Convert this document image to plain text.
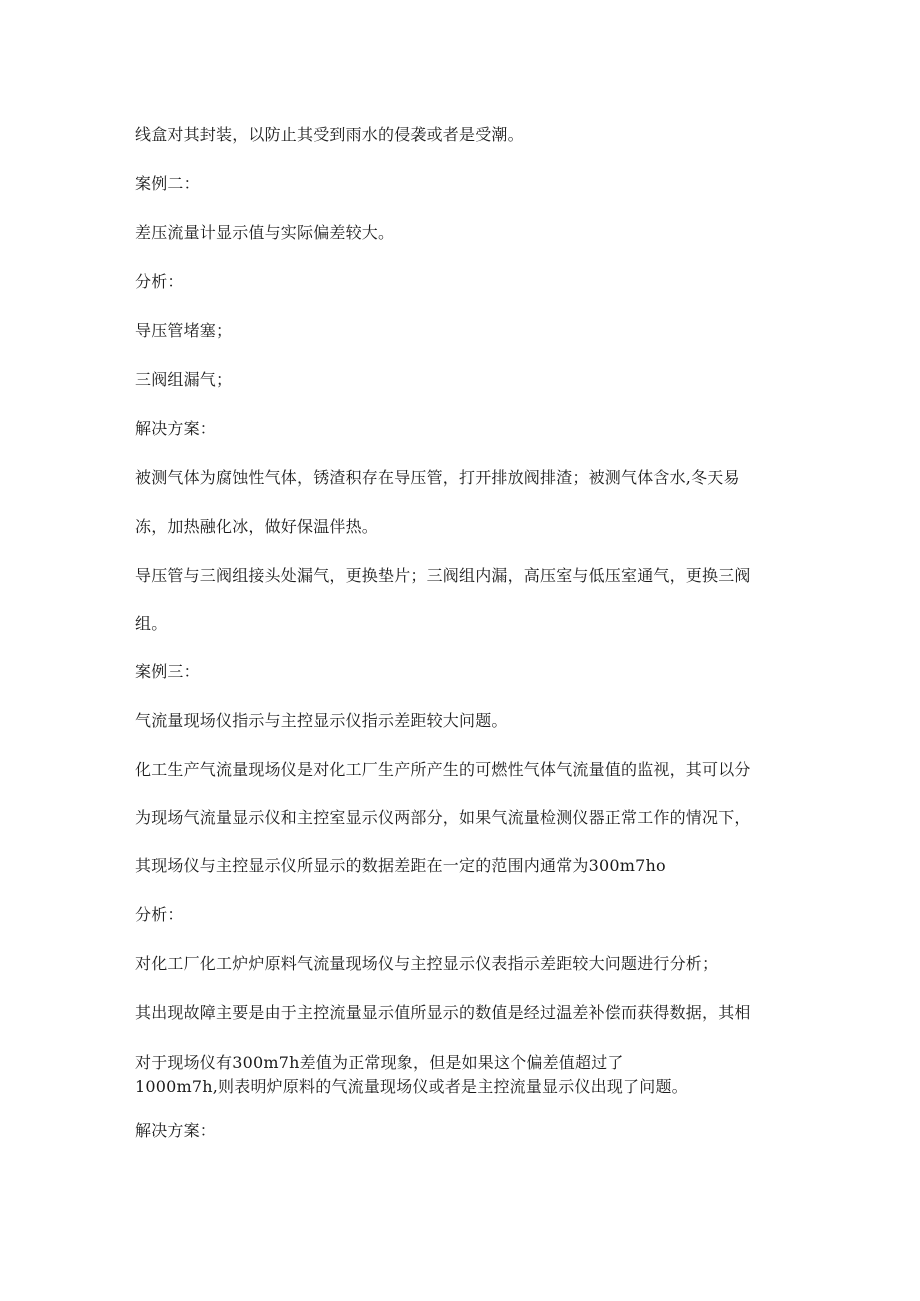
线盒对其封装，以防止其受到雨水的侵袭或者是受潮。
案例二：
差压流量计显示值与实际偏差较大。
分析：
导压管堵塞；
三阀组漏气；
解决方案：
被测气体为腐蚀性气体，锈渣积存在导压管，打开排放阀排渣；被测气体含水,冬天易
冻，加热融化冰，做好保温伴热。
导压管与三阀组接头处漏气，更换垫片；三阀组内漏，高压室与低压室通气，更换三阀
组。
案例三：
气流量现场仪指示与主控显示仪指示差距较大问题。
化工生产气流量现场仪是对化工厂生产所产生的可燃性气体气流量值的监视，其可以分
为现场气流量显示仪和主控室显示仪两部分，如果气流量检测仪器正常工作的情况下，
其现场仪与主控显示仪所显示的数据差距在一定的范围内通常为300m7ho
分析：
对化工厂化工炉炉原料气流量现场仪与主控显示仪表指示差距较大问题进行分析；
其出现故障主要是由于主控流量显示值所显示的数值是经过温差补偿而获得数据，其相
对于现场仪有300m7h差值为正常现象，但是如果这个偏差值超过了
1000m7h,则表明炉原料的气流量现场仪或者是主控流量显示仪出现了问题。
解决方案：
